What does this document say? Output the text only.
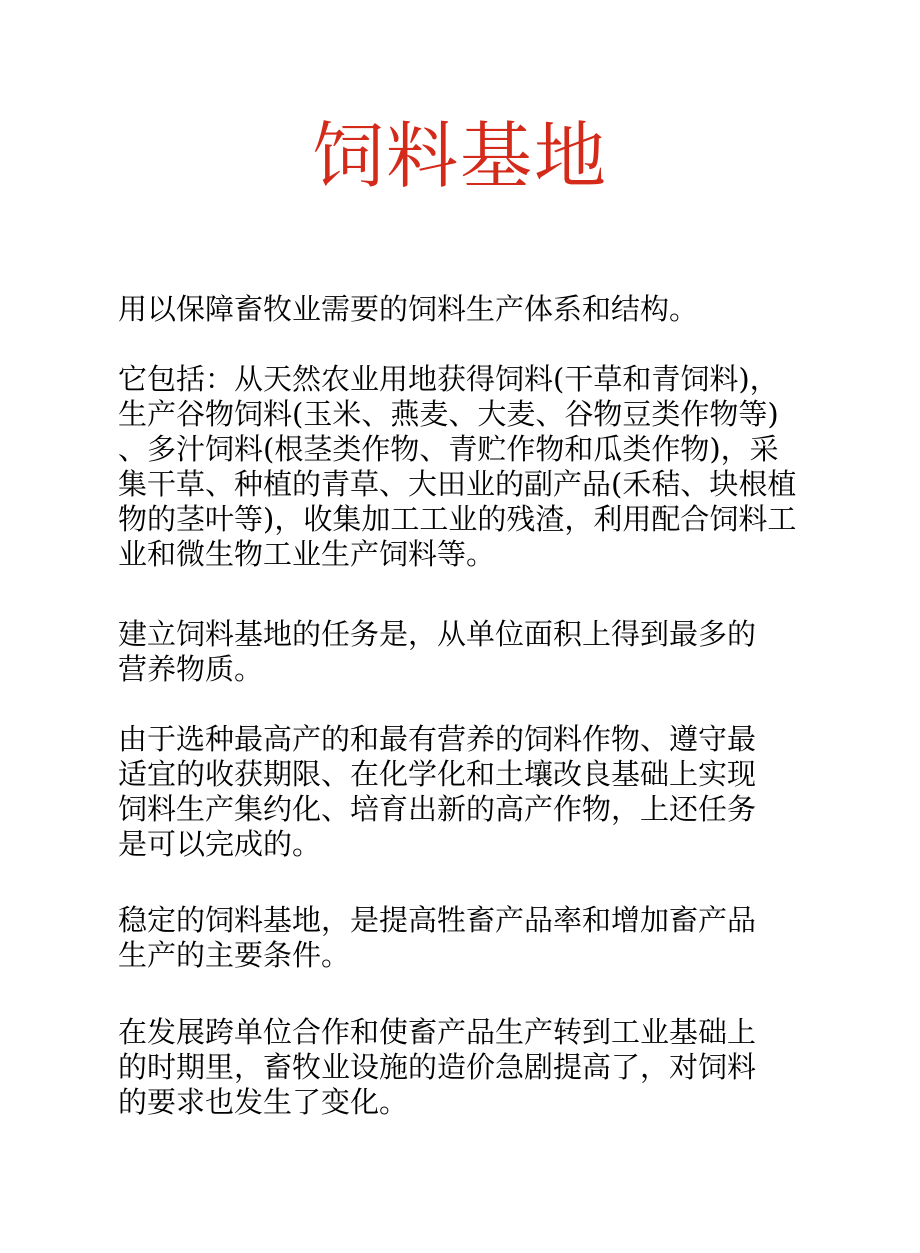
饲料基地

用以保障畜牧业需要的饲料生产体系和结构。

它包括：从天然农业用地获得饲料(干草和青饲料)，
生产谷物饲料(玉米、燕麦、大麦、谷物豆类作物等)
、多汁饲料(根茎类作物、青贮作物和瓜类作物)，采
集干草、种植的青草、大田业的副产品(禾秸、块根植
物的茎叶等)，收集加工工业的残渣，利用配合饲料工
业和微生物工业生产饲料等。

建立饲料基地的任务是，从单位面积上得到最多的
营养物质。

由于选种最高产的和最有营养的饲料作物、遵守最
适宜的收获期限、在化学化和土壤改良基础上实现
饲料生产集约化、培育出新的高产作物，上还任务
是可以完成的。

稳定的饲料基地，是提高牲畜产品率和增加畜产品
生产的主要条件。

在发展跨单位合作和使畜产品生产转到工业基础上
的时期里，畜牧业设施的造价急剧提高了，对饲料
的要求也发生了变化。
